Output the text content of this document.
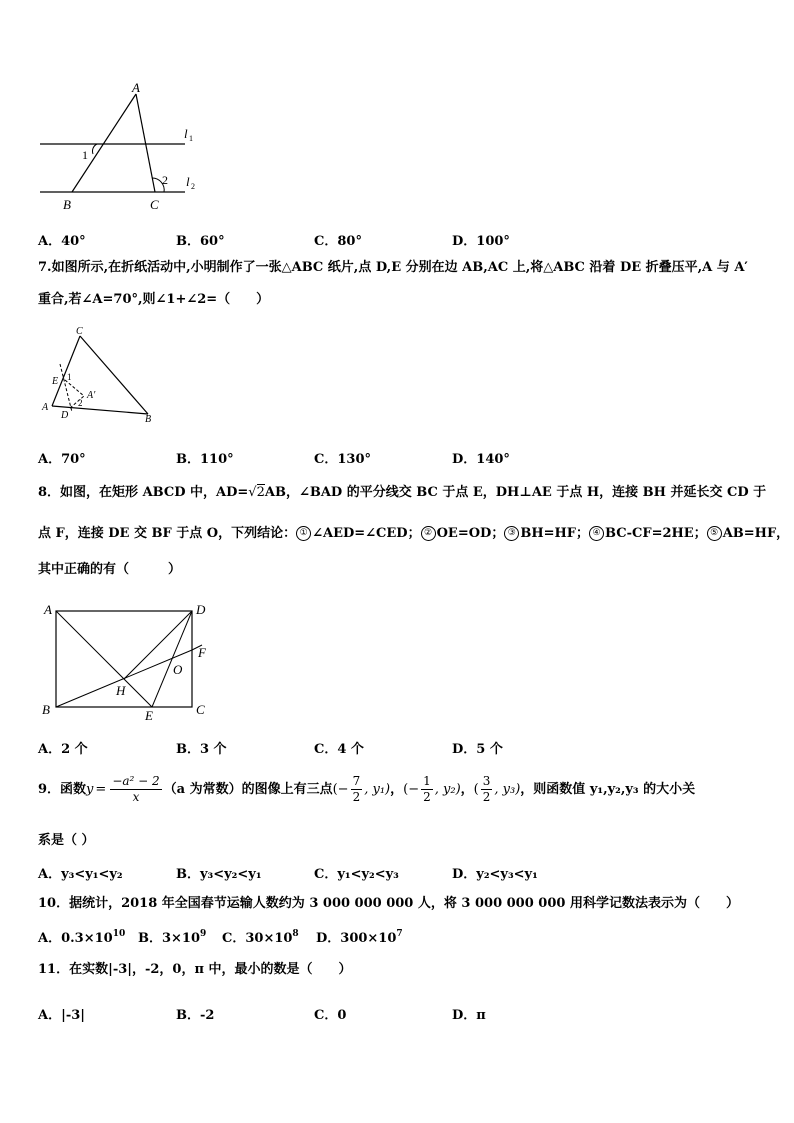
A
B	C
1
2
l 1
l 2
A．40°	B．60°	C．80°	D．100°
7.如图所示,在折纸活动中,小明制作了一张△ABC 纸片,点 D,E 分别在边 AB,AC 上,将△ABC 沿着 DE 折叠压平,A 与 A′
重合,若∠A=70°,则∠1+∠2=（　　）
C
E 1
A′
2
A
D	B
A．70°	B．110°	C．130°	D．140°
8．如图，在矩形 ABCD 中，AD=√2AB，∠BAD 的平分线交 BC 于点 E，DH⊥AE 于点 H，连接 BH 并延长交 CD 于
点 F，连接 DE 交 BF 于点 O，下列结论： ① ∠AED=∠CED； ② OE=OD； ③ BH=HF； ④ BC-CF=2HE； ⑤ AB=HF，
其中正确的有（　　　）
A	D
F
O
H
B	E	C
A．2 个	B．3 个	C．4 个	D．5 个
9．函数 $y = \frac{\text{−a² − 2}}{x} (a$ 为常数）的图像上有三点 (− $\frac{7}{2}$ , y₁) ， (− $\frac{1}{2}$ , y₂) ， ( $\frac{3}{2}$ , y₃) ，则函数值 y₁,y₂,y₃ 的大小关
系是（ ）
A．y₃<y₁<y₂	B．y₃<y₂<y₁	C．y₁<y₂<y₃	D．y₂<y₃<y₁
10．据统计，2018 年全国春节运输人数约为 3 000 000 000 人，将 3 000 000 000 用科学记数法表示为（　　）
A．$0.3\times 10^{10}$ B．$3\times 10^9$ C．$30\times 10^8$ D．$300\times 10^7$
11．在实数|-3|，-2，0，π 中，最小的数是（　　）
A．|-3|	B．-2	C．0	D．π
